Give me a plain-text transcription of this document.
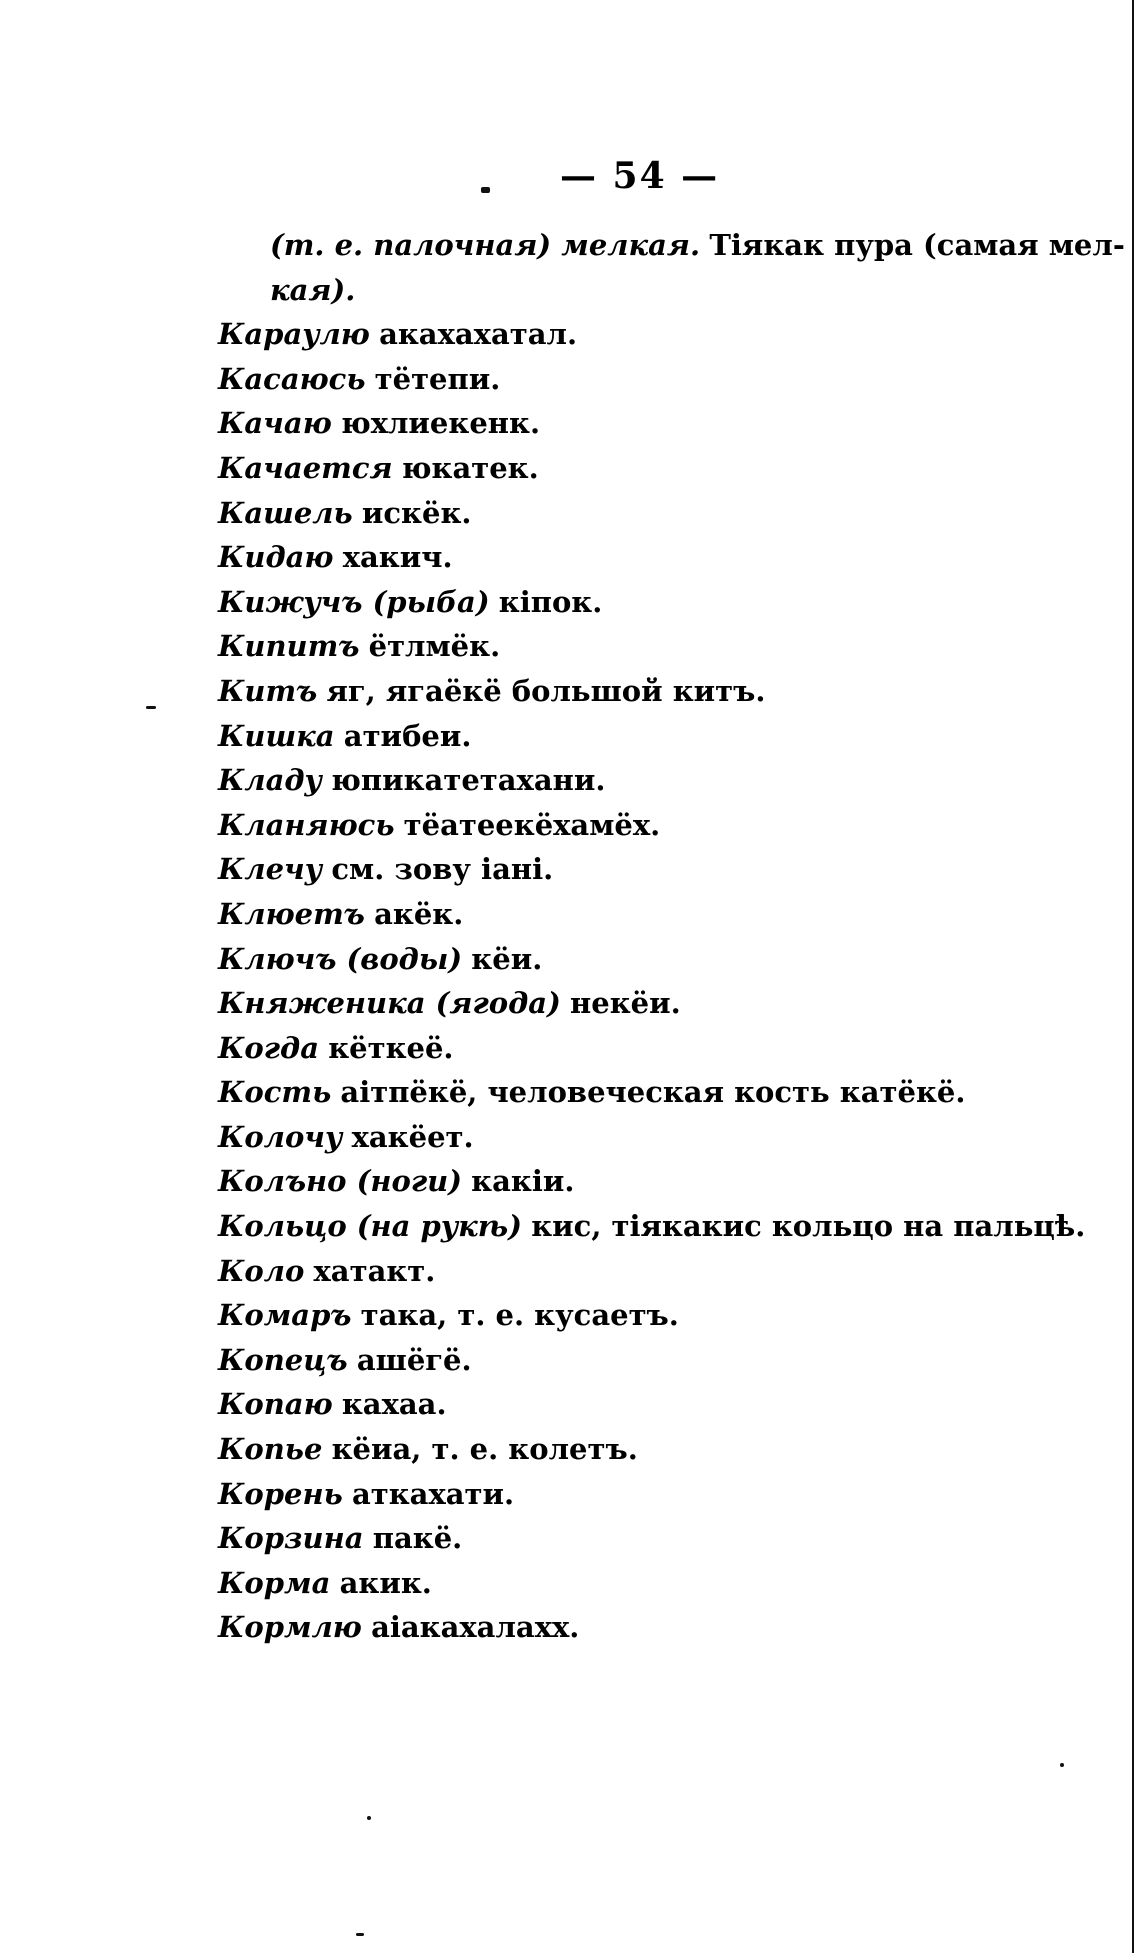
— 54 —
(т. е. палочная) мелкая. Тіякак пура (самая мел-
кая).
Караулю акахахатал.
Касаюсь тётепи.
Качаю юхлиекенк.
Качается юкатек.
Кашель искёк.
Кидаю хакич.
Кижучъ (рыба) кіпок.
Кипитъ ётлмёк.
Китъ яг, ягаёкё большой китъ.
Кишка атибеи.
Кладу юпикатетахани.
Кланяюсь тёатеекёхамёх.
Клечу см. зову іані.
Клюетъ акёк.
Ключъ (воды) кёи.
Княженика (ягода) некёи.
Когда кёткеё.
Кость аітпёкё, человеческая кость катёкё.
Колочу хакёет.
Колъно (ноги) какіи.
Кольцо (на рукѣ) кис, тіякакис кольцо на пальцѣ.
Коло хатакт.
Комаръ така, т. е. кусаетъ.
Копецъ ашёгё.
Копаю кахаа.
Копье кёиа, т. е. колетъ.
Корень аткахати.
Корзина пакё.
Корма акик.
Кормлю аіакахалахх.
